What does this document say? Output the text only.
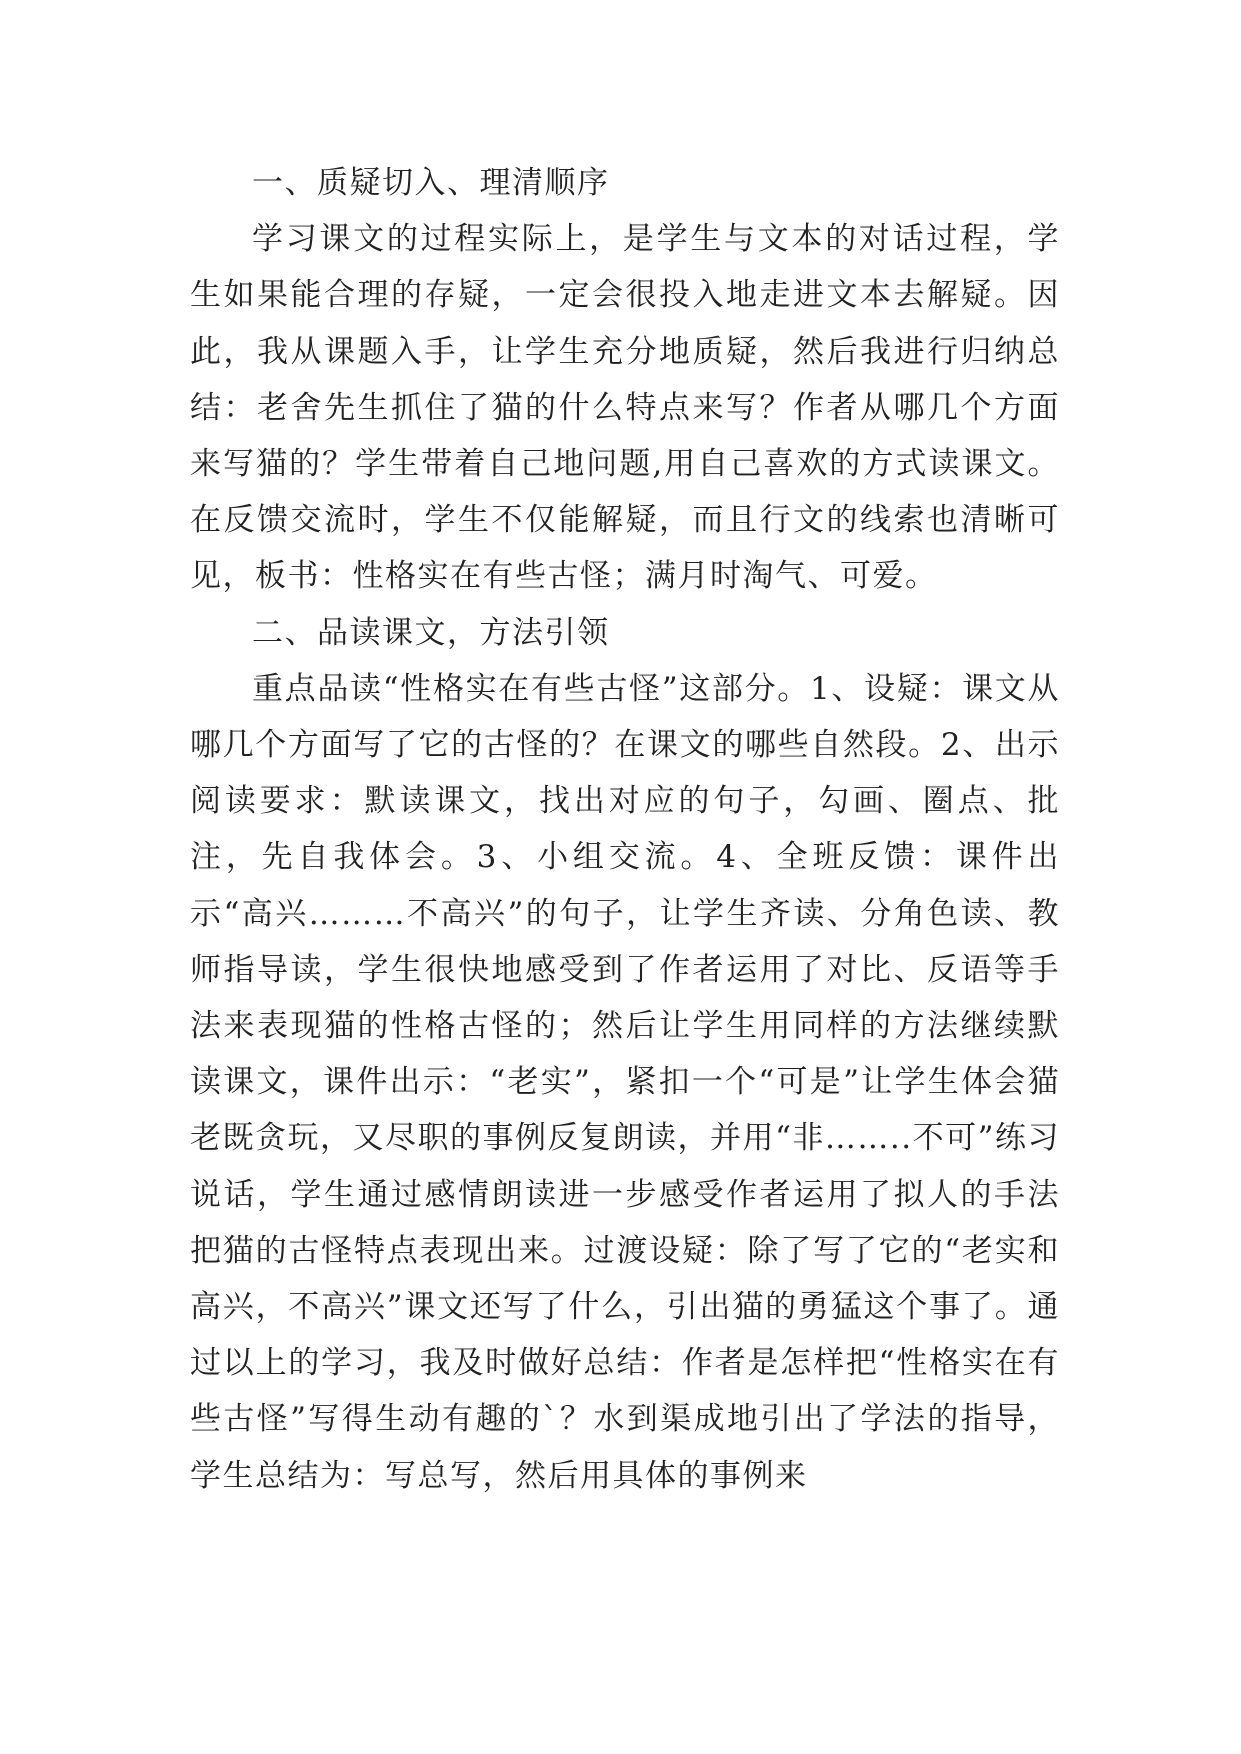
一、质疑切入、理清顺序

学习课文的过程实际上，是学生与文本的对话过程，学生如果能合理的存疑，一定会很投入地走进文本去解疑。因此，我从课题入手，让学生充分地质疑，然后我进行归纳总结：老舍先生抓住了猫的什么特点来写？作者从哪几个方面来写猫的？学生带着自己地问题,用自己喜欢的方式读课文。在反馈交流时，学生不仅能解疑，而且行文的线索也清晰可见，板书：性格实在有些古怪；满月时淘气、可爱。

二、品读课文，方法引领

重点品读“性格实在有些古怪”这部分。1、设疑：课文从哪几个方面写了它的古怪的？在课文的哪些自然段。2、出示阅读要求：默读课文，找出对应的句子，勾画、圈点、批注，先自我体会。3、小组交流。4、全班反馈：课件出示“高兴………不高兴”的句子，让学生齐读、分角色读、教师指导读，学生很快地感受到了作者运用了对比、反语等手法来表现猫的性格古怪的；然后让学生用同样的方法继续默读课文，课件出示：“老实”，紧扣一个“可是”让学生体会猫老既贪玩，又尽职的事例反复朗读，并用“非……..不可”练习说话，学生通过感情朗读进一步感受作者运用了拟人的手法把猫的古怪特点表现出来。过渡设疑：除了写了它的“老实和高兴，不高兴”课文还写了什么，引出猫的勇猛这个事了。通过以上的学习，我及时做好总结：作者是怎样把“性格实在有些古怪”写得生动有趣的`？水到渠成地引出了学法的指导，学生总结为：写总写，然后用具体的事例来
